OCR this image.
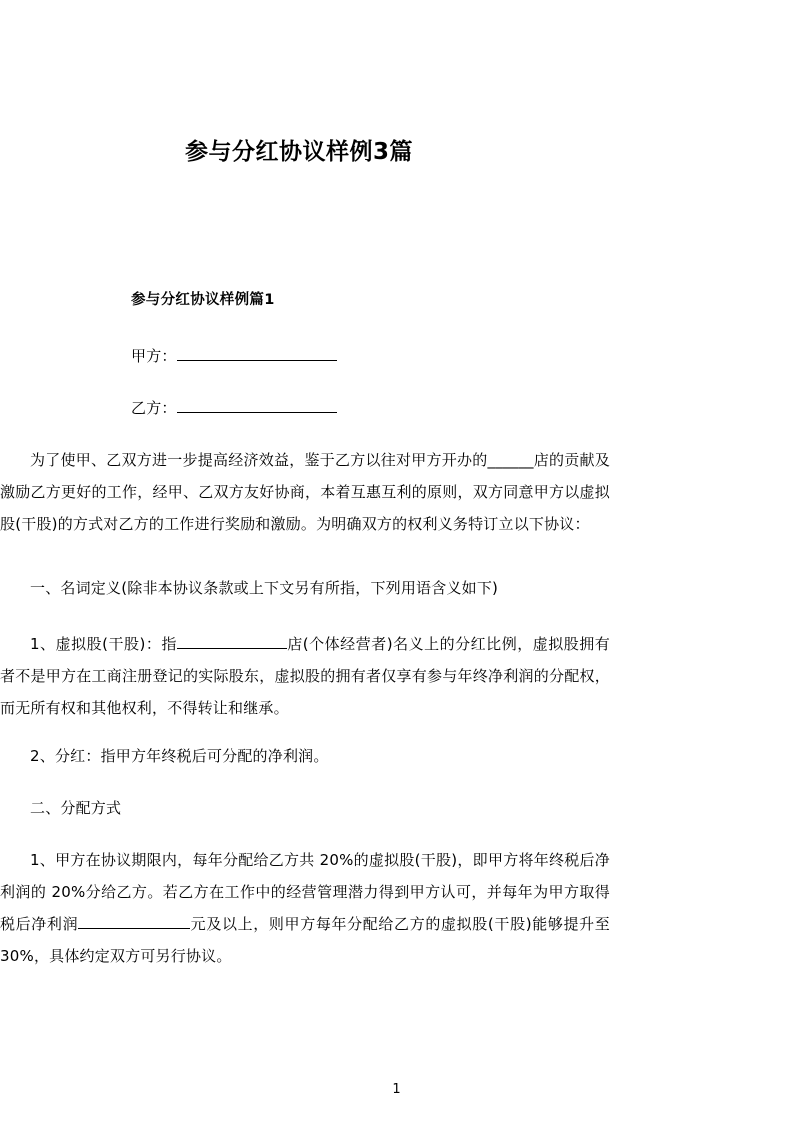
参与分红协议样例3篇
参与分红协议样例篇1
甲方：
乙方：
为了使甲、乙双方进一步提高经济效益，鉴于乙方以往对甲方开办的______店的贡献及激励乙方更好的工作，经甲、乙双方友好协商，本着互惠互利的原则，双方同意甲方以虚拟股(干股)的方式对乙方的工作进行奖励和激励。为明确双方的权利义务特订立以下协议：
一、名词定义(除非本协议条款或上下文另有所指，下列用语含义如下)
1、虚拟股(干股)：指	店(个体经营者)名义上的分红比例，虚拟股拥有者不是甲方在工商注册登记的实际股东，虚拟股的拥有者仅享有参与年终净利润的分配权，而无所有权和其他权利，不得转让和继承。
2、分红：指甲方年终税后可分配的净利润。
二、分配方式
1、甲方在协议期限内，每年分配给乙方共 20%的虚拟股(干股)，即甲方将年终税后净利润的 20%分给乙方。若乙方在工作中的经营管理潜力得到甲方认可，并每年为甲方取得税后净利润	元及以上，则甲方每年分配给乙方的虚拟股(干股)能够提升至 30%，具体约定双方可另行协议。
1
